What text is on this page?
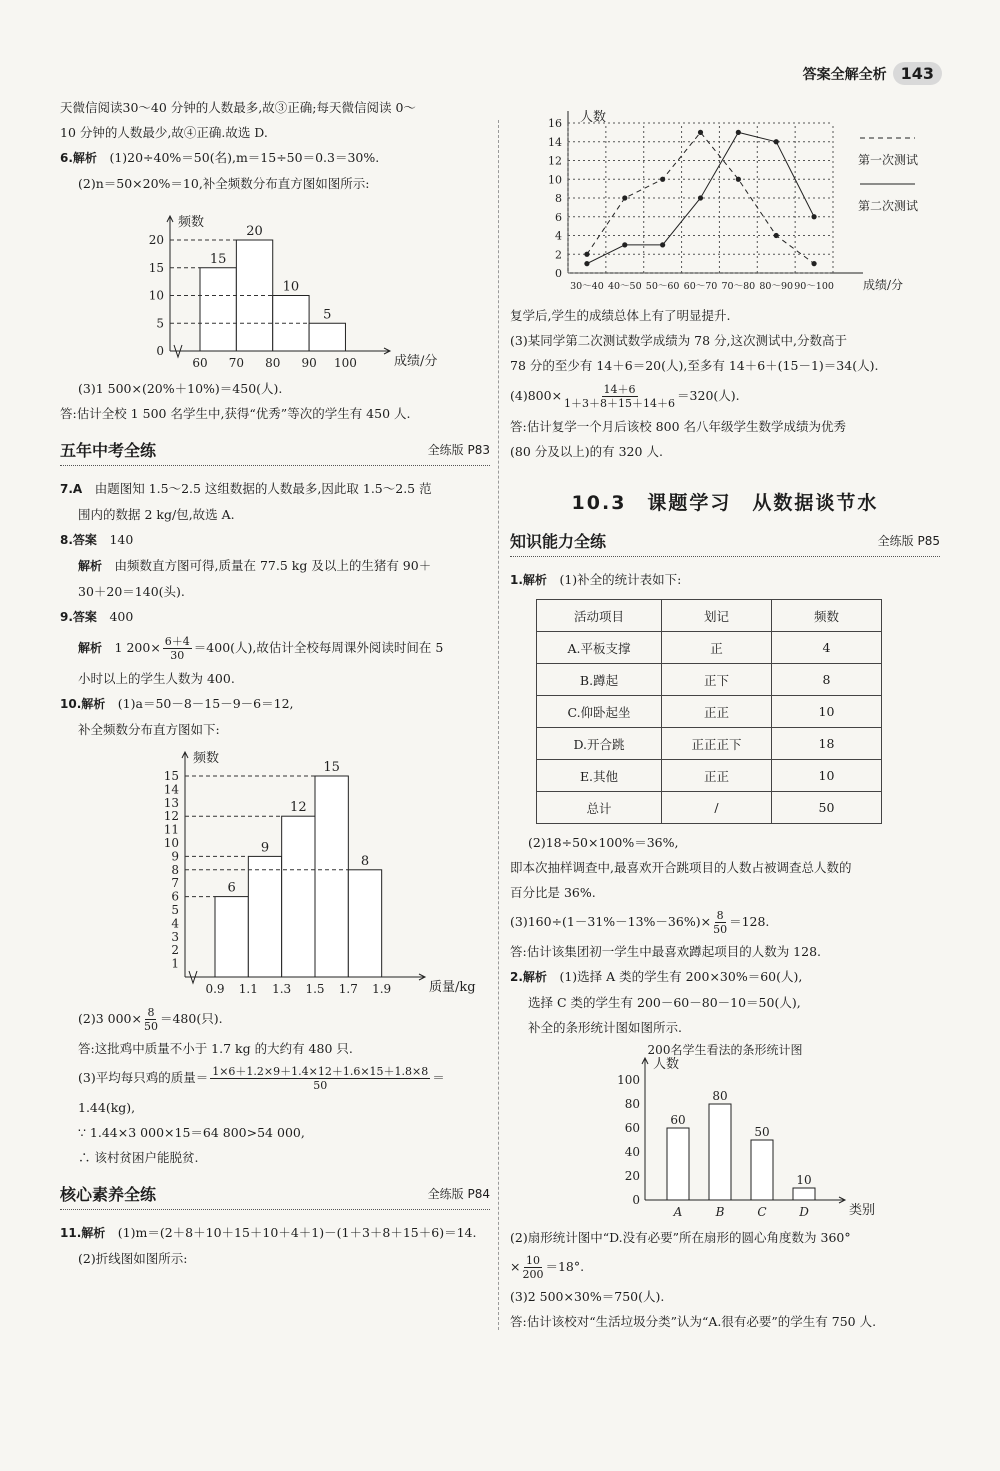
答案全解全析 143
天微信阅读30～40 分钟的人数最多,故③正确;每天微信阅读 0～
10 分钟的人数最少,故④正确.故选 D.
6.解析　 (1)20÷40%＝50(名),m＝15÷50＝0.3＝30%.
(2)n＝50×20%＝10,补全频数分布直方图如图所示:
成绩/分
频数
0
5
10
15
20
15
20
10
5
60 70 80 90 100
(3)1 500×(20%＋10%)＝450(人).
答:估计全校 1 500 名学生中,获得“优秀”等次的学生有 450 人.
五年中考全练	全练版 P83
7.A　 由题图知 1.5～2.5 这组数据的人数最多,因此取 1.5～2.5 范
围内的数据 2 kg/包,故选 A.
8.答案　 140
解析　 由频数直方图可得,质量在 77.5 kg 及以上的生猪有 90＋
30＋20＝140(头).
9.答案　 400
解析　 1 $200\times \frac{6+4}{30} =400$(人),故估计全校每周课外阅读时间在 5
小时以上的学生人数为 400.
10.解析　 (1)a＝50－8－15－9－6＝12,
补全频数分布直方图如下:
质量/kg
频数
1
2
3
4
5
6
7
8
9
10
11
12
13
14
15
6
9
12
15
8
0.9 1.1 1.3 1.5 1.7 1.9
(2)3 $000\times \frac{8}{50} =480$(只).
答:这批鸡中质量不小于 1.7 kg 的大约有 480 只.
(3)平均每只鸡的质量＝ $\frac{1\times 6+1.2\times 9+1.4\times 12+1.6\times 15+1.8\times 8}{50}$ ＝
1.44(kg),
∵ 1.44×3 000×15＝64 800>54 000,
∴ 该村贫困户能脱贫.
核心素养全练	全练版 P84
11.解析　 (1)m＝(2＋8＋10＋15＋10＋4＋1)－(1＋3＋8＋15＋6)＝14.
(2)折线图如图所示:
人数
成绩/分
0
2
4
6
8
10
12
14
16
30～40 40～50 50～60 60～70 70～80 80～90 90～100
第一次测试
第二次测试
复学后,学生的成绩总体上有了明显提升.
(3)某同学第二次测试数学成绩为 78 分,这次测试中,分数高于
78 分的至少有 14＋6＝20(人),至多有 14＋6＋(15－1)＝34(人).
$(4)800\times \frac{14+6}{1+3+8+15+14+6} =320$(人).
答:估计复学一个月后该校 800 名八年级学生数学成绩为优秀
(80 分及以上)的有 320 人.
10.3　课题学习　从数据谈节水
知识能力全练	全练版 P85
1.解析　 (1)补全的统计表如下:
活动项目	划记	频数
A.平板支撑	正	4
B.蹲起	正下	8
C.仰卧起坐	正正	10
D.开合跳	正正正下	18
E.其他	正正	10
总计	/	50
(2)18÷50×100%＝36%,
即本次抽样调查中,最喜欢开合跳项目的人数占被调查总人数的
百分比是 36%.
$(3)160\div(1-31\%-13\%-36\%)\times \frac{8}{50} =128$.
答:估计该集团初一学生中最喜欢蹲起项目的人数为 128.
2.解析　 (1)选择 A 类的学生有 200×30%＝60(人),
选择 C 类的学生有 200－60－80－10＝50(人),
补全的条形统计图如图所示.
200名学生看法的条形统计图
类别
人数
0
20
40
60
80
100
60
A
80
B
50
C
10
D
(2)扇形统计图中“D.没有必要”所在扇形的圆心角度数为 360°
× $\frac{10}{200} =18^\circ$.
(3)2 500×30%＝750(人).
答:估计该校对“生活垃圾分类”认为“A.很有必要”的学生有 750 人.
